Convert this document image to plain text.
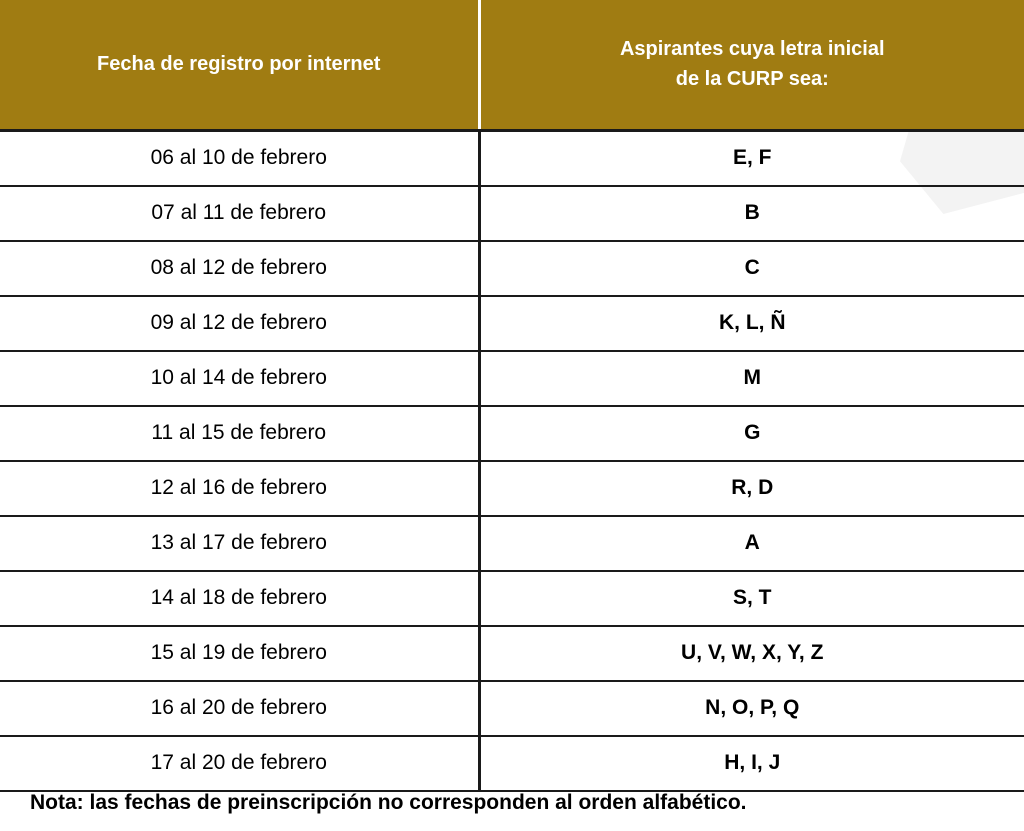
Fecha de registro por internet	Aspirantes cuya letra inicial
de la CURP sea:

06 al 10 de febrero	E, F
07 al 11 de febrero	B
08 al 12 de febrero	C
09 al 12 de febrero	K, L, Ñ
10 al 14 de febrero	M
11 al 15 de febrero	G
12 al 16 de febrero	R, D
13 al 17 de febrero	A
14 al 18 de febrero	S, T
15 al 19 de febrero	U, V, W, X, Y, Z
16 al 20 de febrero	N, O, P, Q
17 al 20 de febrero	H, I, J
Nota: las fechas de preinscripción no corresponden al orden alfabético.
